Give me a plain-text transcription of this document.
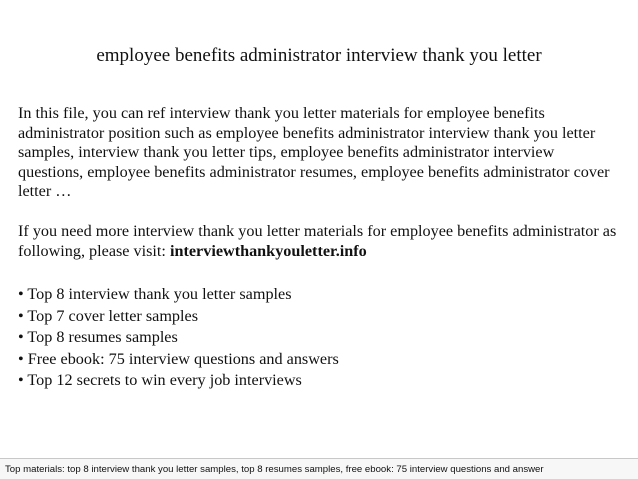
employee benefits administrator interview thank you letter
In this file, you can ref interview thank you letter materials for employee benefits administrator position such as employee benefits administrator interview thank you letter samples, interview thank you letter tips, employee benefits administrator interview questions, employee benefits administrator resumes, employee benefits administrator cover letter …
If you need more interview thank you letter materials for employee benefits administrator as following, please visit: interviewthankyouletter.info
• Top 8 interview thank you letter samples
• Top 7 cover letter samples
• Top 8 resumes samples
• Free ebook: 75 interview questions and answers
• Top 12 secrets to win every job interviews
Top materials: top 8 interview thank you letter samples, top 8 resumes samples, free ebook: 75 interview questions and answer
